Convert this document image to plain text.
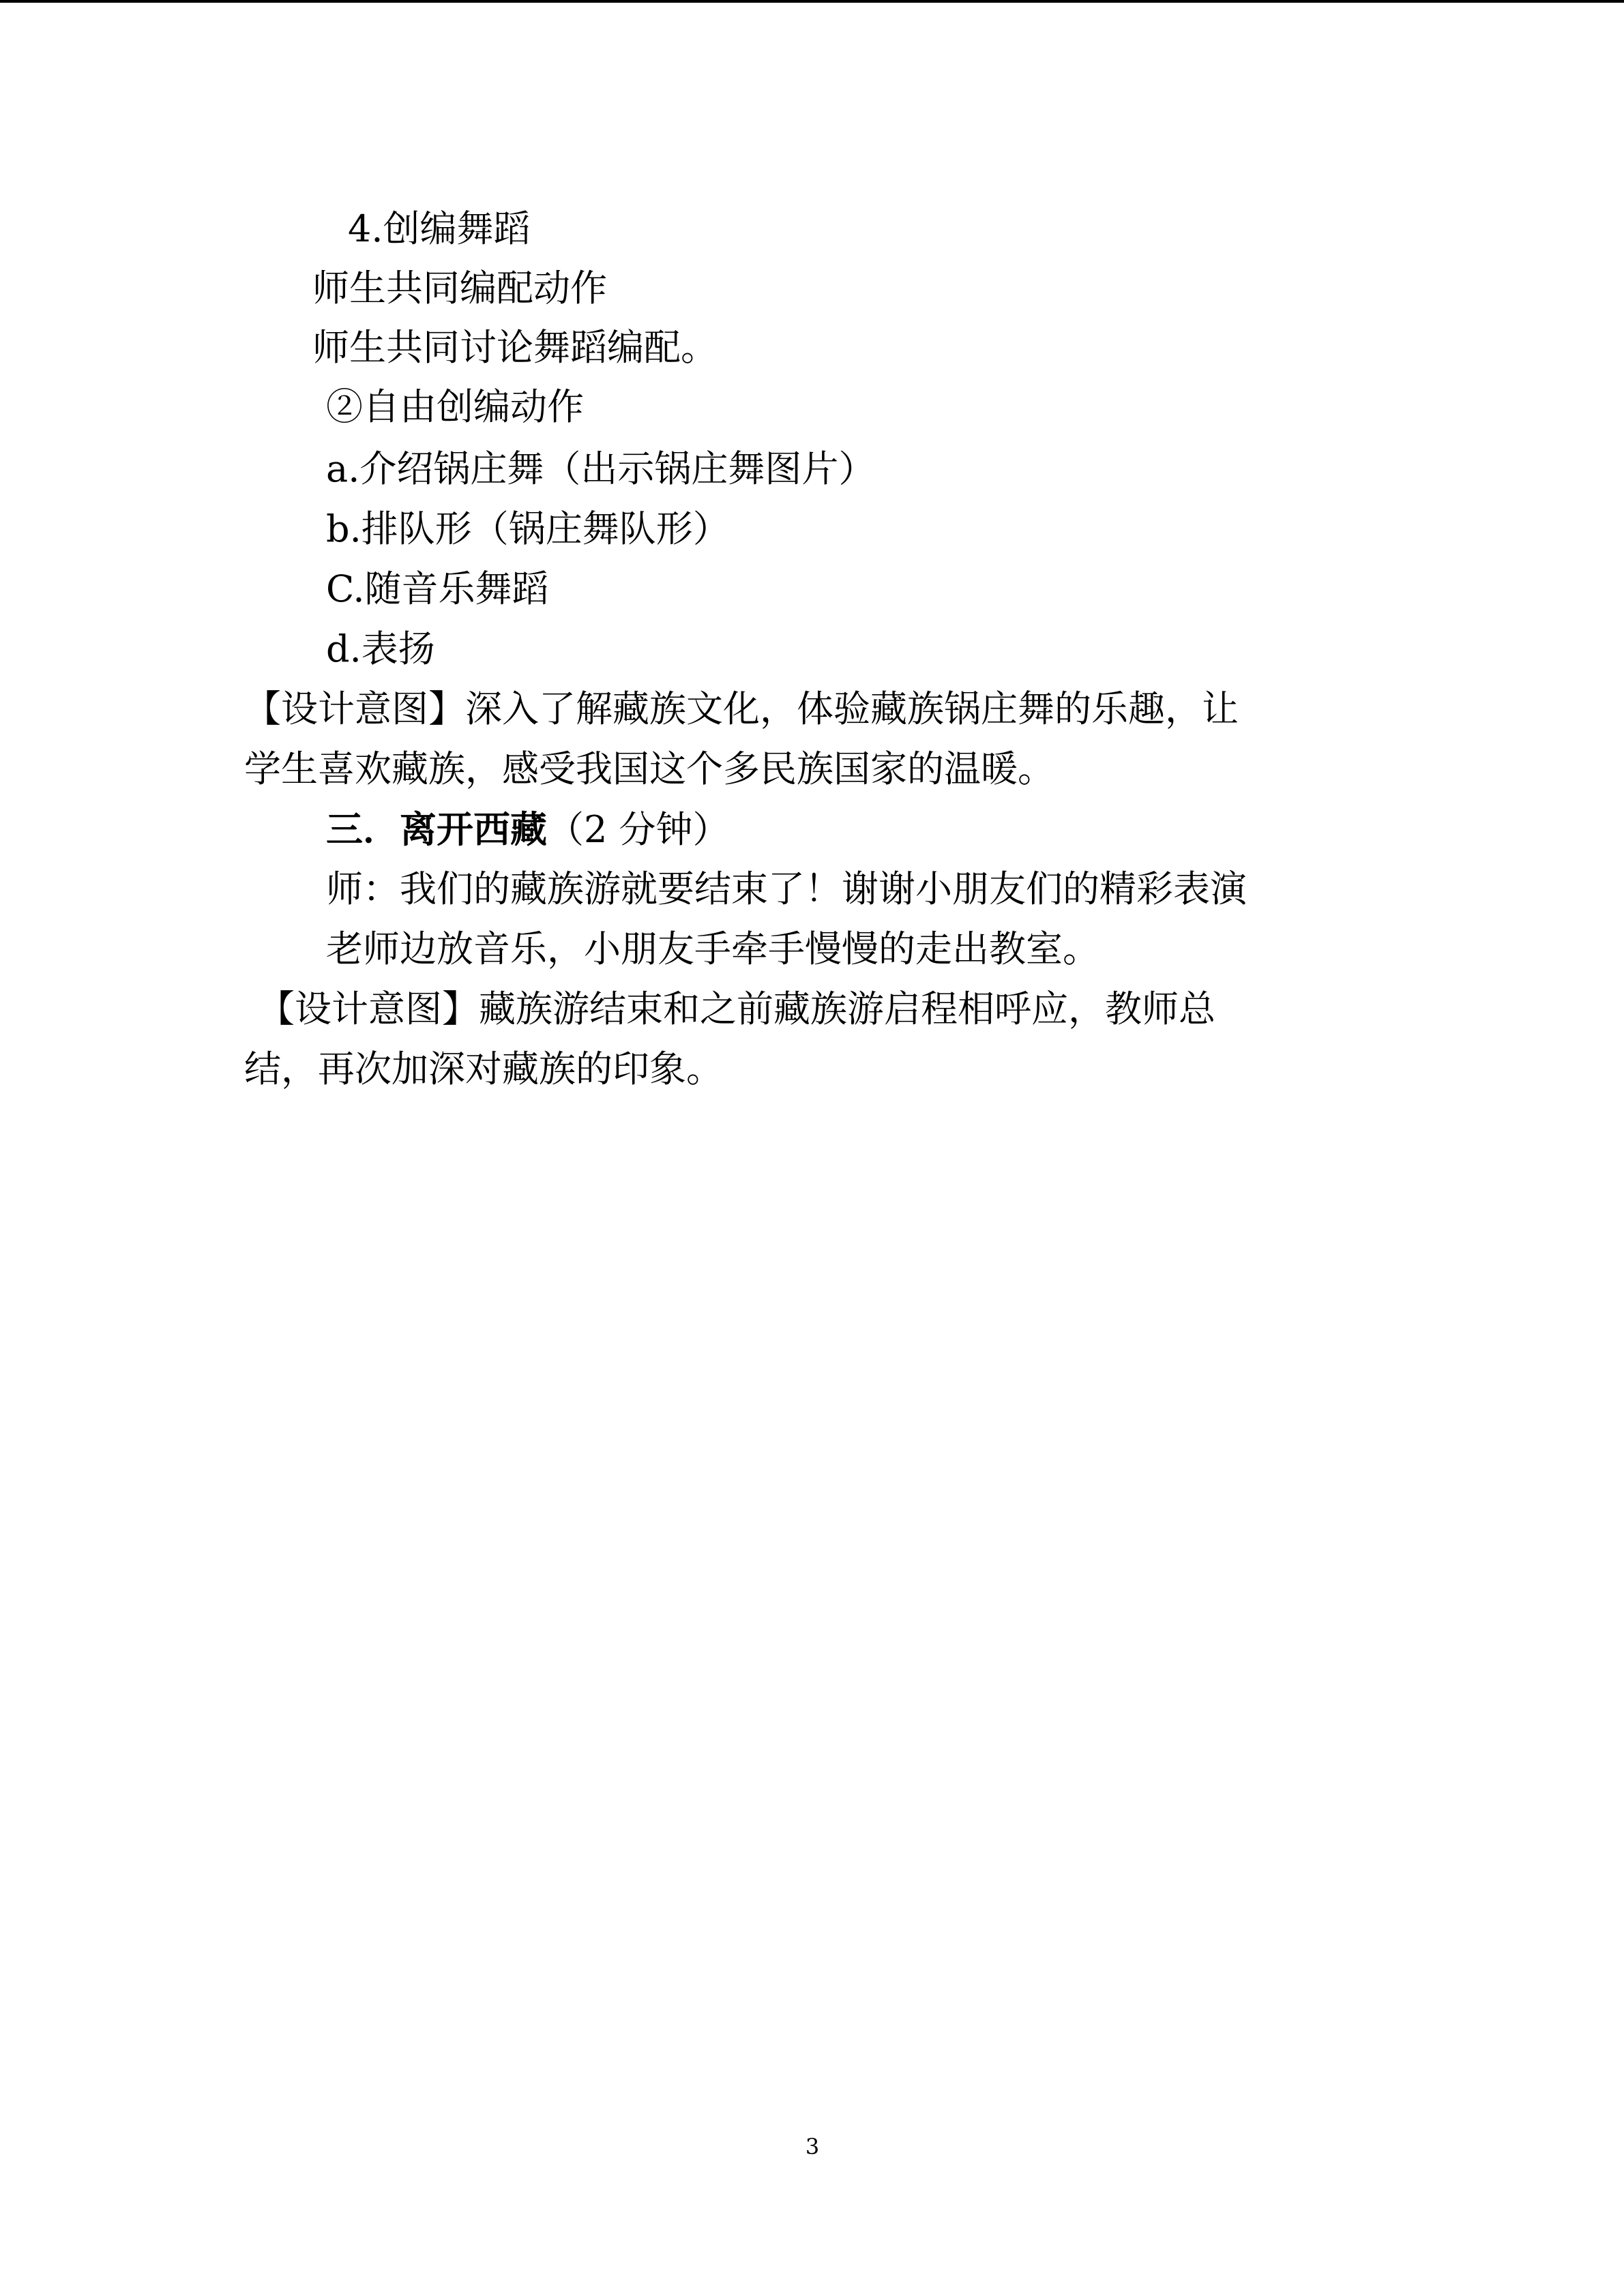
4.创编舞蹈
师生共同编配动作
师生共同讨论舞蹈编配。
②自由创编动作
a.介绍锅庄舞（出示锅庄舞图片）
b.排队形（锅庄舞队形）
C.随音乐舞蹈
d.表扬
【设计意图】深入了解藏族文化，体验藏族锅庄舞的乐趣，让
学生喜欢藏族，感受我国这个多民族国家的温暖。
三．离开西藏（2 分钟）
师：我们的藏族游就要结束了！谢谢小朋友们的精彩表演
老师边放音乐，小朋友手牵手慢慢的走出教室。
【设计意图】藏族游结束和之前藏族游启程相呼应，教师总
结，再次加深对藏族的印象。
3
